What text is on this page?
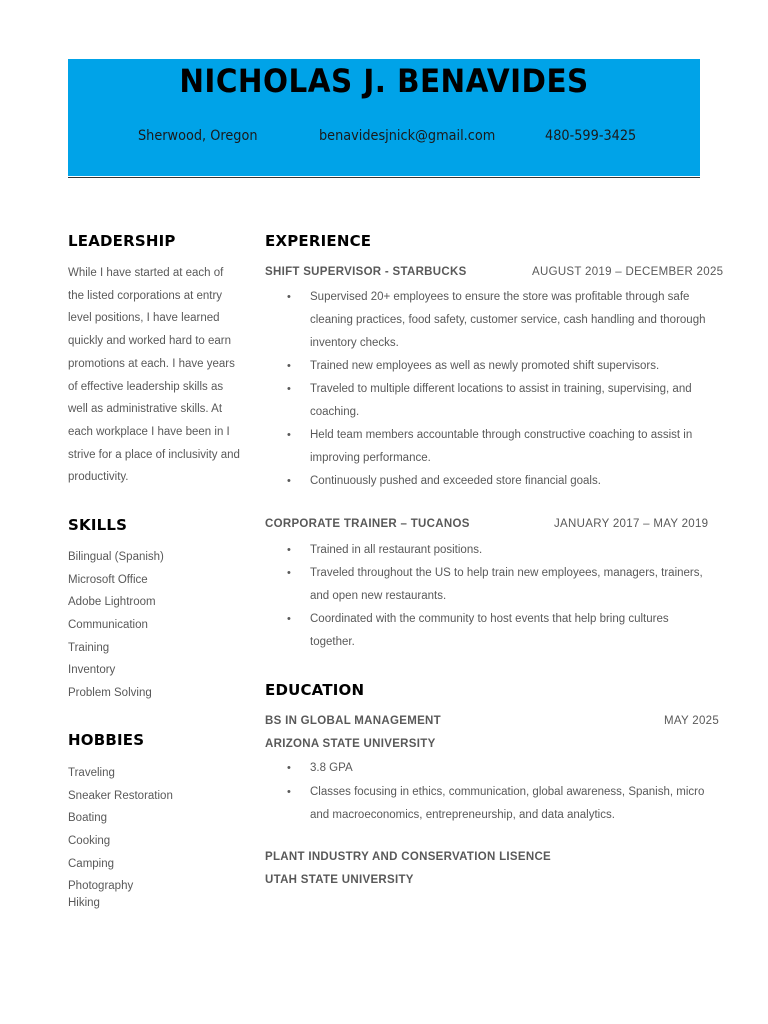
NICHOLAS J. BENAVIDES
Sherwood, Oregon	benavidesjnick@gmail.com	480-599-3425
LEADERSHIP
While I have started at each of the listed corporations at entry level positions, I have learned quickly and worked hard to earn promotions at each. I have years of effective leadership skills as well as administrative skills. At each workplace I have been in I strive for a place of inclusivity and productivity.
SKILLS
Bilingual (Spanish)
Microsoft Office
Adobe Lightroom
Communication
Training
Inventory
Problem Solving
HOBBIES
Traveling
Sneaker Restoration
Boating
Cooking
Camping
Photography
Hiking
EXPERIENCE
SHIFT SUPERVISOR - STARBUCKS	AUGUST 2019 – DECEMBER 2025
• Supervised 20+ employees to ensure the store was profitable through safe cleaning practices, food safety, customer service, cash handling and thorough inventory checks.
• Trained new employees as well as newly promoted shift supervisors.
• Traveled to multiple different locations to assist in training, supervising, and coaching.
• Held team members accountable through constructive coaching to assist in improving performance.
• Continuously pushed and exceeded store financial goals.
CORPORATE TRAINER – TUCANOS	JANUARY 2017 – MAY 2019
• Trained in all restaurant positions.
• Traveled throughout the US to help train new employees, managers, trainers, and open new restaurants.
• Coordinated with the community to host events that help bring cultures together.
EDUCATION
BS IN GLOBAL MANAGEMENT	MAY 2025
ARIZONA STATE UNIVERSITY
• 3.8 GPA
• Classes focusing in ethics, communication, global awareness, Spanish, micro and macroeconomics, entrepreneurship, and data analytics.
PLANT INDUSTRY AND CONSERVATION LISENCE
UTAH STATE UNIVERSITY
